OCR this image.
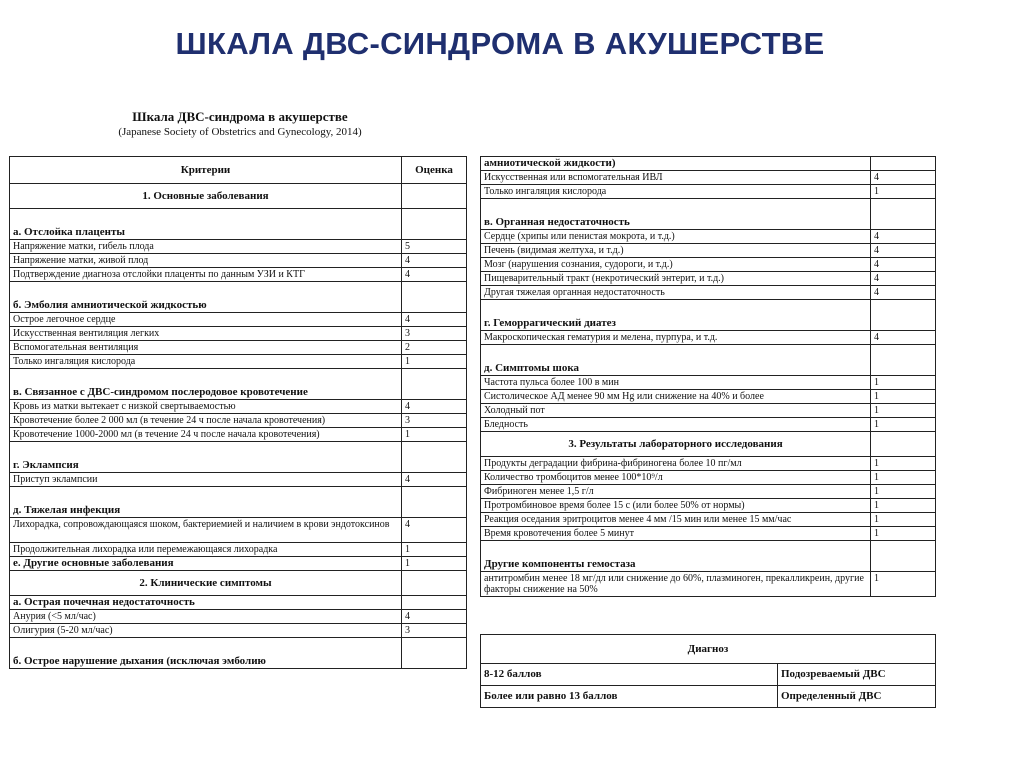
ШКАЛА ДВС-СИНДРОМА В АКУШЕРСТВЕ
Шкала ДВС-синдрома в акушерстве
(Japanese Society of Obstetrics and Gynecology, 2014)
Критерии	Оценка
1. Основные заболевания	
а. Отслойка плаценты	
Напряжение матки, гибель плода	5
Напряжение матки, живой плод	4
Подтверждение диагноза отслойки плаценты по данным УЗИ и КТГ	4
б. Эмболия амниотической жидкостью	
Острое легочное сердце	4
Искусственная вентиляция легких	3
Вспомогательная вентиляция	2
Только ингаляция кислорода	1
в. Связанное с ДВС-синдромом послеродовое кровотечение	
Кровь из матки вытекает с низкой свертываемостью	4
Кровотечение более 2 000 мл (в течение 24 ч после начала кровотечения)	3
Кровотечение 1000-2000 мл (в течение 24 ч после начала кровотечения)	1
г. Эклампсия	
Приступ эклампсии	4
д. Тяжелая инфекция	
Лихорадка, сопровождающаяся шоком, бактериемией и наличием в крови эндотоксинов	4
Продолжительная лихорадка или перемежающаяся лихорадка	1
е. Другие основные заболевания	1
2. Клинические симптомы	
а. Острая почечная недостаточность	
Анурия (<5 мл/час)	4
Олигурия (5-20 мл/час)	3
б. Острое нарушение дыхания (исключая эмболию	
амниотической жидкости)	
Искусственная или вспомогательная ИВЛ	4
Только ингаляция кислорода	1
в. Органная недостаточность	
Сердце (хрипы или пенистая мокрота, и т.д.)	4
Печень (видимая желтуха, и т.д.)	4
Мозг (нарушения сознания, судороги, и т.д.)	4
Пищеварительный тракт (некротический энтерит, и т.д.)	4
Другая тяжелая органная недостаточность	4
г. Геморрагический диатез	
Макроскопическая гематурия и мелена, пурпура, и т.д.	4
д. Симптомы шока	
Частота пульса более 100 в мин	1
Систолическое АД менее 90 мм Hg или снижение на 40% и более	1
Холодный пот	1
Бледность	1
3. Результаты лабораторного исследования	
Продукты деградации фибрина-фибриногена более 10 пг/мл	1
Количество тромбоцитов менее 100*10⁹/л	1
Фибриноген менее 1,5 г/л	1
Протромбиновое время более 15 с (или более 50% от нормы)	1
Реакция оседания эритроцитов менее 4 мм /15 мин или менее 15 мм/час	1
Время кровотечения более 5 минут	1
Другие компоненты гемостаза	
антитромбин менее 18 мг/дл или снижение до 60%, плазминоген, прекалликреин, другие факторы снижение на 50%	1
Диагноз	
8-12 баллов	Подозреваемый ДВС
Более или равно 13 баллов	Определенный ДВС
